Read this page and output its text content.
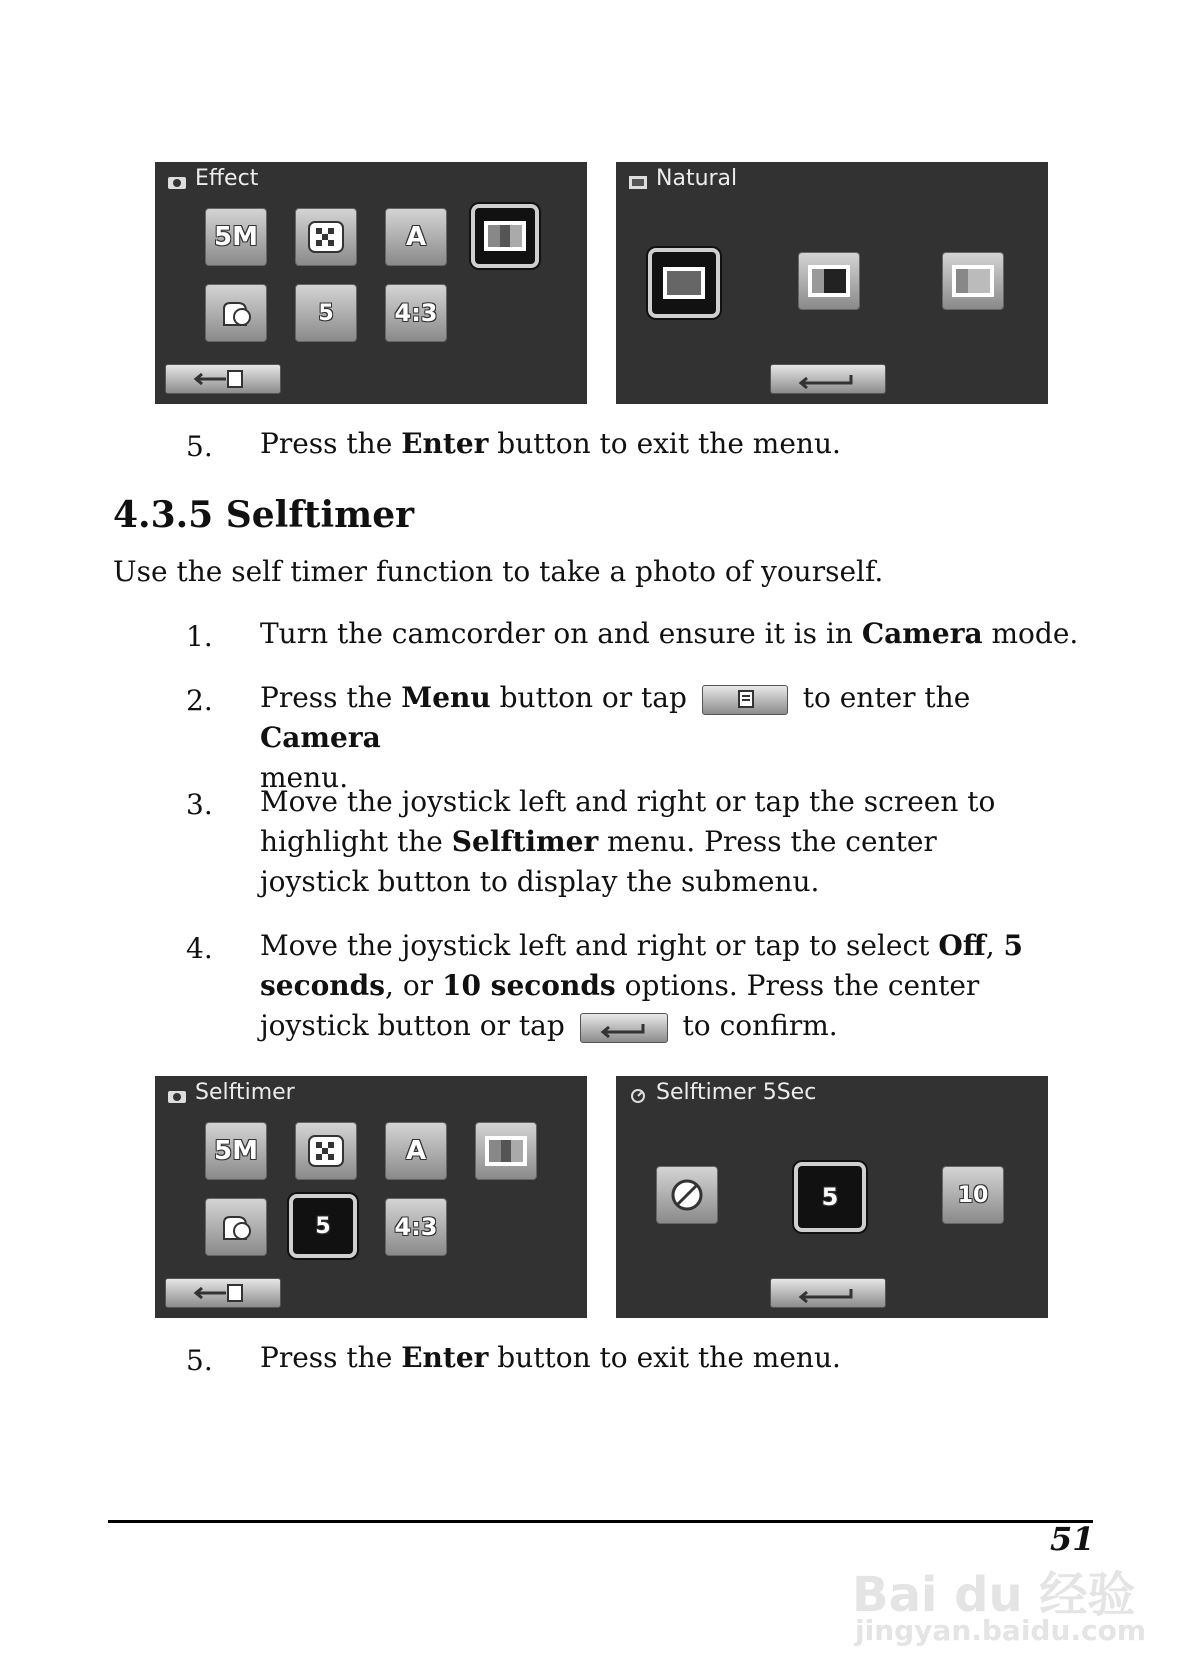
Effect
5M	A
5	4:3
Natural
5. Press the Enter button to exit the menu.
4.3.5 Selftimer
Use the self timer function to take a photo of yourself.
1. Turn the camcorder on and ensure it is in Camera mode.
2. Press the Menu button or tap	to enter the Camera
menu.
3. Move the joystick left and right or tap the screen to highlight the Selftimer menu. Press the center joystick button to display the submenu.
4. Move the joystick left and right or tap to select Off, 5 seconds, or 10 seconds options. Press the center joystick button or tap	to confirm.
Selftimer
5M	A
5	4:3
Selftimer 5Sec
5	10
5. Press the Enter button to exit the menu.
51
Bai du 经验
jingyan.baidu.com
